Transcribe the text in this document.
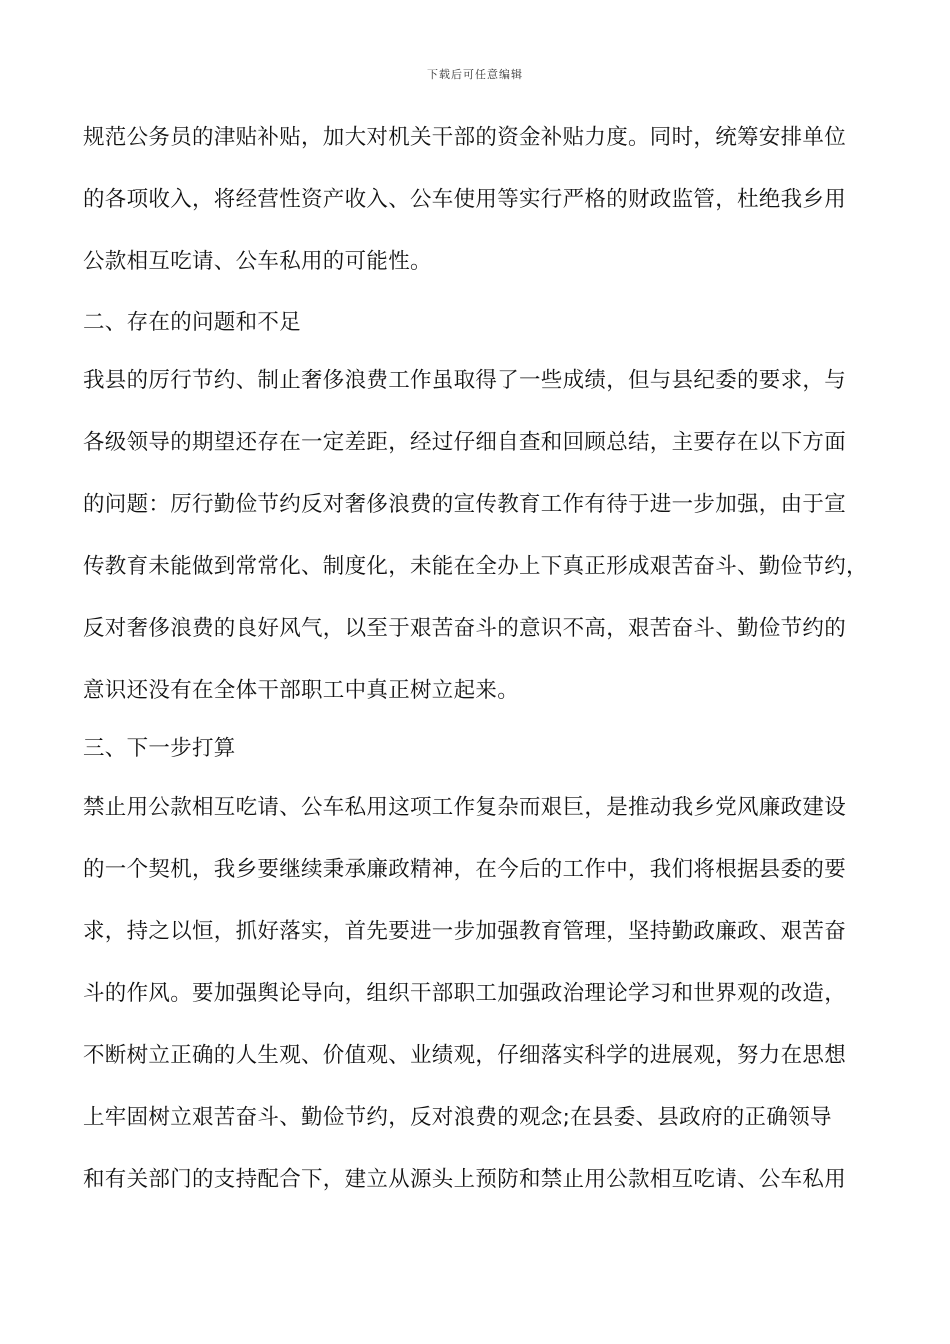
下载后可任意编辑
规范公务员的津贴补贴，加大对机关干部的资金补贴力度。同时，统筹安排单位
的各项收入，将经营性资产收入、公车使用等实行严格的财政监管，杜绝我乡用
公款相互吃请、公车私用的可能性。
二、存在的问题和不足
我县的厉行节约、制止奢侈浪费工作虽取得了一些成绩，但与县纪委的要求，与
各级领导的期望还存在一定差距，经过仔细自查和回顾总结，主要存在以下方面
的问题：厉行勤俭节约反对奢侈浪费的宣传教育工作有待于进一步加强，由于宣
传教育未能做到常常化、制度化，未能在全办上下真正形成艰苦奋斗、勤俭节约，
反对奢侈浪费的良好风气，以至于艰苦奋斗的意识不高，艰苦奋斗、勤俭节约的
意识还没有在全体干部职工中真正树立起来。
三、下一步打算
禁止用公款相互吃请、公车私用这项工作复杂而艰巨，是推动我乡党风廉政建设
的一个契机，我乡要继续秉承廉政精神，在今后的工作中，我们将根据县委的要
求，持之以恒，抓好落实，首先要进一步加强教育管理，坚持勤政廉政、艰苦奋
斗的作风。要加强舆论导向，组织干部职工加强政治理论学习和世界观的改造，
不断树立正确的人生观、价值观、业绩观，仔细落实科学的进展观，努力在思想
上牢固树立艰苦奋斗、勤俭节约，反对浪费的观念;在县委、县政府的正确领导
和有关部门的支持配合下，建立从源头上预防和禁止用公款相互吃请、公车私用
